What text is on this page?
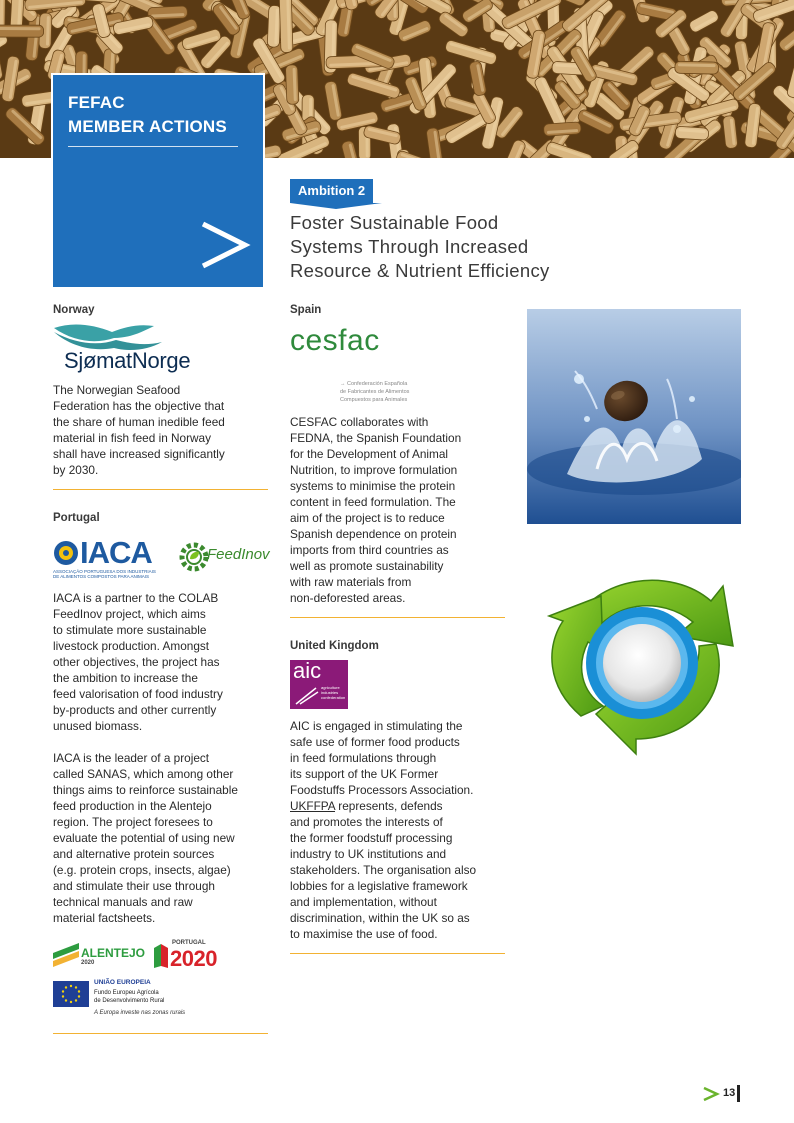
FEFAC
MEMBER ACTIONS
Ambition 2
Foster Sustainable Food
Systems Through Increased
Resource & Nutrient Efficiency
Norway
SjømatNorge
The Norwegian Seafood
Federation has the objective that
the share of human inedible feed
material in fish feed in Norway
shall have increased significantly
by 2030.
Portugal
IACA
ASSOCIAÇÃO PORTUGUESA DOS INDUSTRIAIS DE ALIMENTOS COMPOSTOS PARA ANIMAIS
FeedInov
IACA is a partner to the COLAB
FeedInov project, which aims
to stimulate more sustainable
livestock production. Amongst
other objectives, the project has
the ambition to increase the
feed valorisation of food industry
by-products and other currently
unused biomass.
IACA is the leader of a project
called SANAS, which among other
things aims to reinforce sustainable
feed production in the Alentejo
region. The project foresees to
evaluate the potential of using new
and alternative protein sources
(e.g. protein crops, insects, algae)
and stimulate their use through
technical manuals and raw
material factsheets.
ALENTEJO
2020
PORTUGAL
2020
UNIÃO EUROPEIA
Fundo Europeu Agrícola
de Desenvolvimento Rural
A Europa investe nas zonas rurais
Spain
cesfac
→ Confederación Española
de Fabricantes de Alimentos
Compuestos para Animales
CESFAC collaborates with
FEDNA, the Spanish Foundation
for the Development of Animal
Nutrition, to improve formulation
systems to minimise the protein
content in feed formulation. The
aim of the project is to reduce
Spanish dependence on protein
imports from third countries as
well as promote sustainability
with raw materials from
non-deforested areas.
United Kingdom
aic
agriculture
industries
confederation
AIC is engaged in stimulating the
safe use of former food products
in feed formulations through
its support of the UK Former
Foodstuffs Processors Association.
UKFFPA represents, defends
and promotes the interests of
the former foodstuff processing
industry to UK institutions and
stakeholders. The organisation also
lobbies for a legislative framework
and implementation, without
discrimination, within the UK so as
to maximise the use of food.
13
